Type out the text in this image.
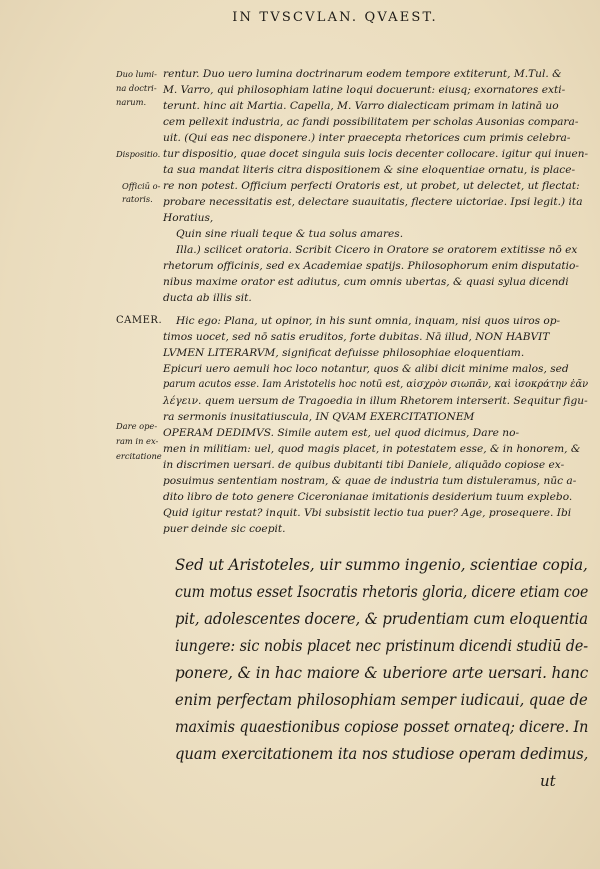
IN TVSCVLAN. QVAEST.
Duo lumi-
na doctri-
narum.
Dispositio.
Officiū o-
ratoris.
Dare ope-
ram in ex-
ercitatione
rentur. Duo uero lumina doctrinarum eodem tempore extiterunt, M.Tul. &
M. Varro, qui philosophiam latine loqui docuerunt: eiusq; exornatores exti-
terunt. hinc ait Martia. Capella, M. Varro dialecticam primam in latinā uo
cem pellexit industria, ac fandi possibilitatem per scholas Ausonias compara-
uit. (Qui eas nec disponere.) inter praecepta rhetorices cum primis celebra-
tur dispositio, quae docet singula suis locis decenter collocare. igitur qui inuen-
ta sua mandat literis citra dispositionem & sine eloquentiae ornatu, is place-
re non potest. Officium perfecti Oratoris est, ut probet, ut delectet, ut flectat:
probare necessitatis est, delectare suauitatis, flectere uictoriae. Ipsi legit.) ita
Horatius,
Quin sine riuali teque & tua solus amares.
Illa.) scilicet oratoria. Scribit Cicero in Oratore se oratorem extitisse nō ex
rhetorum officinis, sed ex Academiae spatijs. Philosophorum enim disputatio-
nibus maxime orator est adiutus, cum omnis ubertas, & quasi sylua dicendi
ducta ab illis sit.
CAMER. Hic ego: Plana, ut opinor, in his sunt omnia, inquam, nisi quos uiros op-
timos uocet, sed nō satis eruditos, forte dubitas. Nā illud, NON HABVIT
LVMEN LITERARVM, significat defuisse philosophiae eloquentiam.
Epicuri uero aemuli hoc loco notantur, quos & alibi dicit minime malos, sed
parum acutos esse. Iam Aristotelis hoc notū est, αἰσχρὸν σιωπᾶν, καὶ ἰσοκράτην ἐᾶν
λέγειν. quem uersum de Tragoedia in illum Rhetorem interserit. Sequitur figu-
ra sermonis inusitatiuscula, IN QVAM EXERCITATIONEM
OPERAM DEDIMVS. Simile autem est, uel quod dicimus, Dare no-
men in militiam: uel, quod magis placet, in potestatem esse, & in honorem, &
in discrimen uersari. de quibus dubitanti tibi Daniele, aliquādo copiose ex-
posuimus sententiam nostram, & quae de industria tum distuleramus, nūc a-
dito libro de toto genere Ciceronianae imitationis desiderium tuum explebo.
Quid igitur restat? inquit. Vbi subsistit lectio tua puer? Age, prosequere. Ibi
puer deinde sic coepit.
Sed ut Aristoteles, uir summo ingenio, scientiae copia,
cum motus esset Isocratis rhetoris gloria, dicere etiam coe
pit, adolescentes docere, & prudentiam cum eloquentia
iungere: sic nobis placet nec pristinum dicendi studiū de-
ponere, & in hac maiore & uberiore arte uersari. hanc
enim perfectam philosophiam semper iudicaui, quae de
maximis quaestionibus copiose posset ornateq; dicere. In
quam exercitationem ita nos studiose operam dedimus,
ut
